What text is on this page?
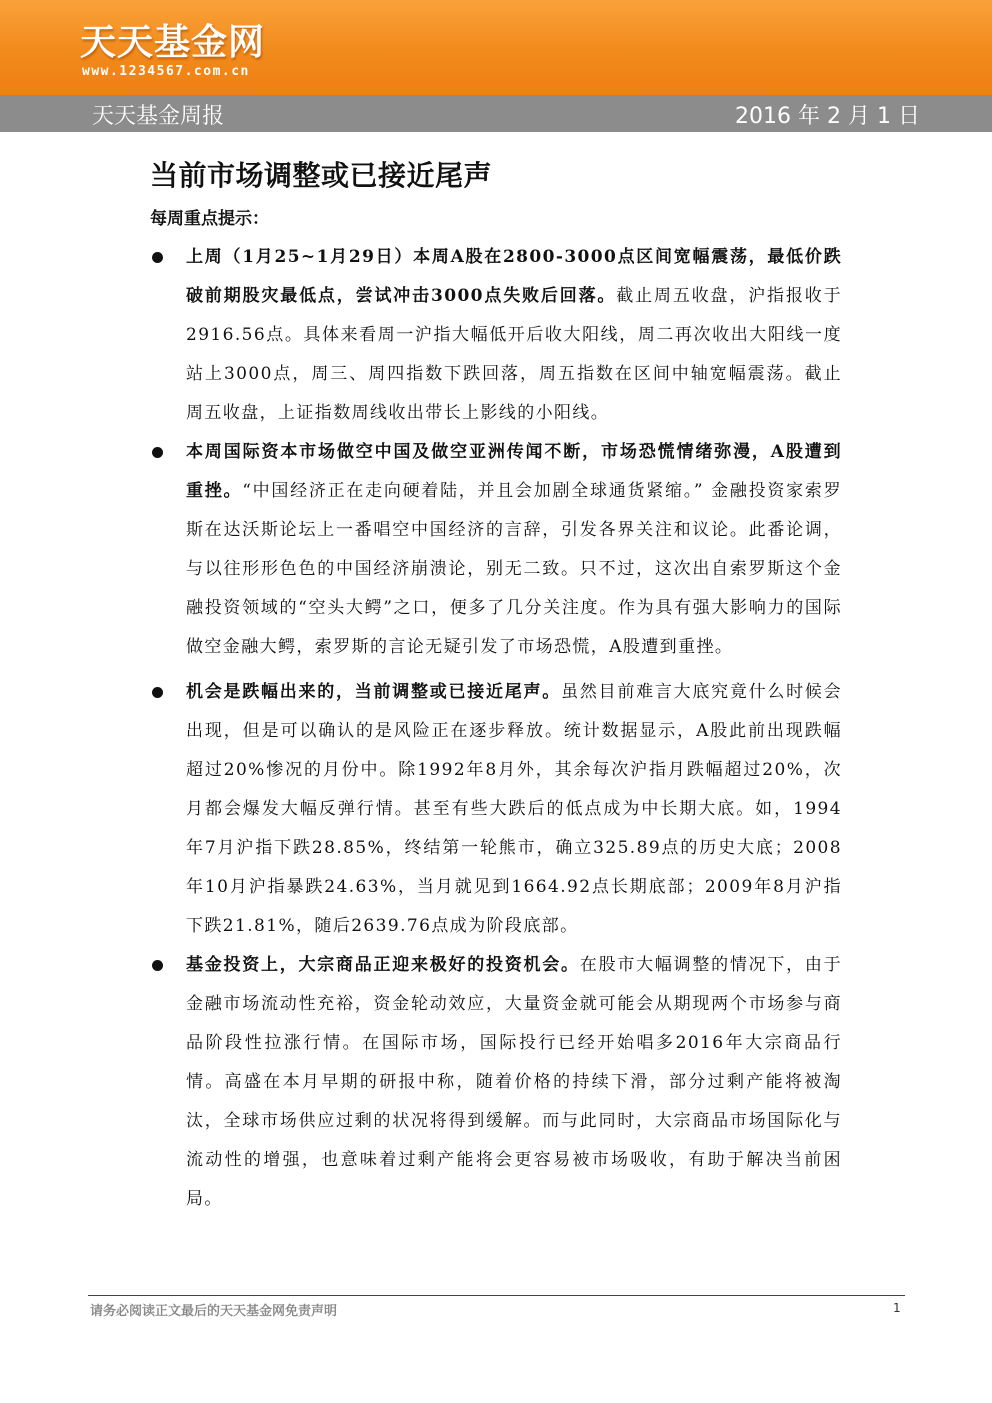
天天基金网
www.1234567.com.cn
天天基金周报	2016 年 2 月 1 日
当前市场调整或已接近尾声
每周重点提示：
上周（1月25~1月29日）本周A股在2800-3000点区间宽幅震荡，最低价跌破前期股灾最低点，尝试冲击3000点失败后回落。截止周五收盘，沪指报收于2916.56点。具体来看周一沪指大幅低开后收大阳线，周二再次收出大阳线一度站上3000点，周三、周四指数下跌回落，周五指数在区间中轴宽幅震荡。截止周五收盘，上证指数周线收出带长上影线的小阳线。
本周国际资本市场做空中国及做空亚洲传闻不断，市场恐慌情绪弥漫，A股遭到重挫。“中国经济正在走向硬着陆，并且会加剧全球通货紧缩。” 金融投资家索罗斯在达沃斯论坛上一番唱空中国经济的言辞，引发各界关注和议论。此番论调，与以往形形色色的中国经济崩溃论，别无二致。只不过，这次出自索罗斯这个金融投资领域的“空头大鳄”之口，便多了几分关注度。作为具有强大影响力的国际做空金融大鳄，索罗斯的言论无疑引发了市场恐慌，A股遭到重挫。
机会是跌幅出来的，当前调整或已接近尾声。虽然目前难言大底究竟什么时候会出现，但是可以确认的是风险正在逐步释放。统计数据显示，A股此前出现跌幅超过20%惨况的月份中。除1992年8月外，其余每次沪指月跌幅超过20%，次月都会爆发大幅反弹行情。甚至有些大跌后的低点成为中长期大底。如，1994年7月沪指下跌28.85%，终结第一轮熊市，确立325.89点的历史大底；2008年10月沪指暴跌24.63%，当月就见到1664.92点长期底部；2009年8月沪指下跌21.81%，随后2639.76点成为阶段底部。
基金投资上，大宗商品正迎来极好的投资机会。在股市大幅调整的情况下，由于金融市场流动性充裕，资金轮动效应，大量资金就可能会从期现两个市场参与商品阶段性拉涨行情。在国际市场，国际投行已经开始唱多2016年大宗商品行情。高盛在本月早期的研报中称，随着价格的持续下滑，部分过剩产能将被淘汰，全球市场供应过剩的状况将得到缓解。而与此同时，大宗商品市场国际化与流动性的增强，也意味着过剩产能将会更容易被市场吸收，有助于解决当前困局。
请务必阅读正文最后的天天基金网免责声明	1
